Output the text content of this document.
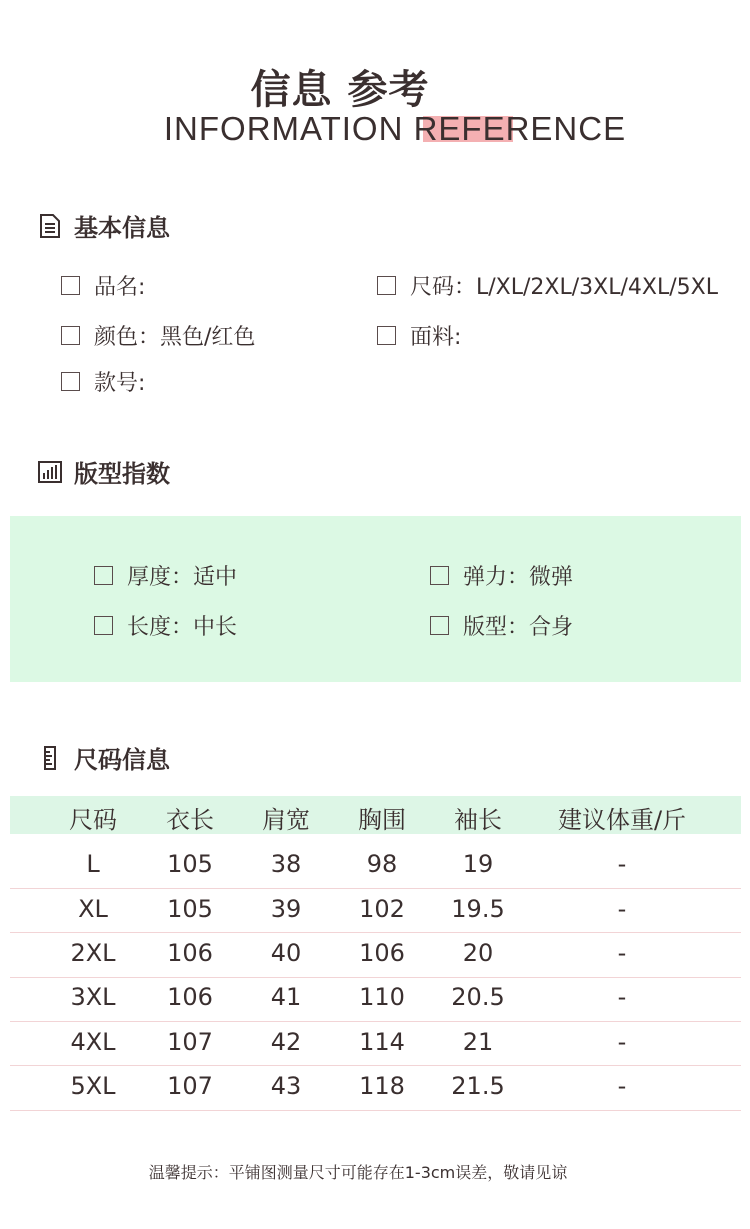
信息 参考
INFORMATION REFERENCE
基本信息
品名:
颜色：黑色/红色
款号:
尺码：L/XL/2XL/3XL/4XL/5XL
面料:
版型指数
厚度：适中
长度：中长
弹力：微弹
版型：合身
尺码信息
尺码	衣长	肩宽	胸围	袖长	建议体重/斤
L	105	38	98	19	-
XL	105	39	102	19.5	-
2XL	106	40	106	20	-
3XL	106	41	110	20.5	-
4XL	107	42	114	21	-
5XL	107	43	118	21.5	-
温馨提示：平铺图测量尺寸可能存在1-3cm误差，敬请见谅
